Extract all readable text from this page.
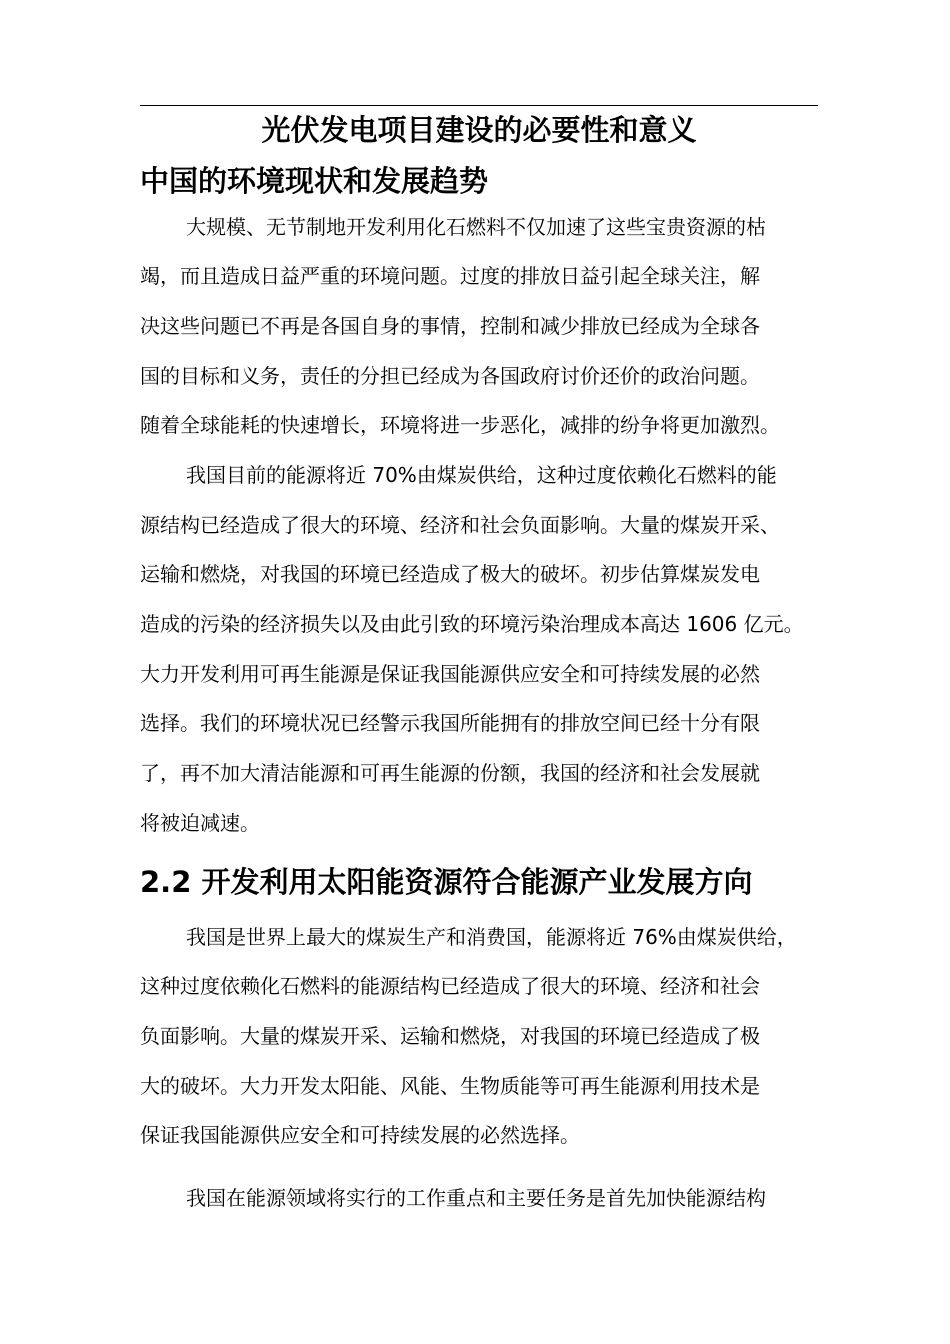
光伏发电项目建设的必要性和意义
中国的环境现状和发展趋势

大规模、无节制地开发利用化石燃料不仅加速了这些宝贵资源的枯

竭，而且造成日益严重的环境问题。过度的排放日益引起全球关注，解

决这些问题已不再是各国自身的事情，控制和减少排放已经成为全球各

国的目标和义务，责任的分担已经成为各国政府讨价还价的政治问题。

随着全球能耗的快速增长，环境将进一步恶化，减排的纷争将更加激烈。

我国目前的能源将近 70%由煤炭供给，这种过度依赖化石燃料的能

源结构已经造成了很大的环境、经济和社会负面影响。大量的煤炭开采、

运输和燃烧，对我国的环境已经造成了极大的破坏。初步估算煤炭发电

造成的污染的经济损失以及由此引致的环境污染治理成本高达 1606 亿元。

大力开发利用可再生能源是保证我国能源供应安全和可持续发展的必然

选择。我们的环境状况已经警示我国所能拥有的排放空间已经十分有限

了，再不加大清洁能源和可再生能源的份额，我国的经济和社会发展就

将被迫减速。

2.2 开发利用太阳能资源符合能源产业发展方向

我国是世界上最大的煤炭生产和消费国，能源将近 76%由煤炭供给，

这种过度依赖化石燃料的能源结构已经造成了很大的环境、经济和社会

负面影响。大量的煤炭开采、运输和燃烧，对我国的环境已经造成了极

大的破坏。大力开发太阳能、风能、生物质能等可再生能源利用技术是

保证我国能源供应安全和可持续发展的必然选择。

我国在能源领域将实行的工作重点和主要任务是首先加快能源结构
